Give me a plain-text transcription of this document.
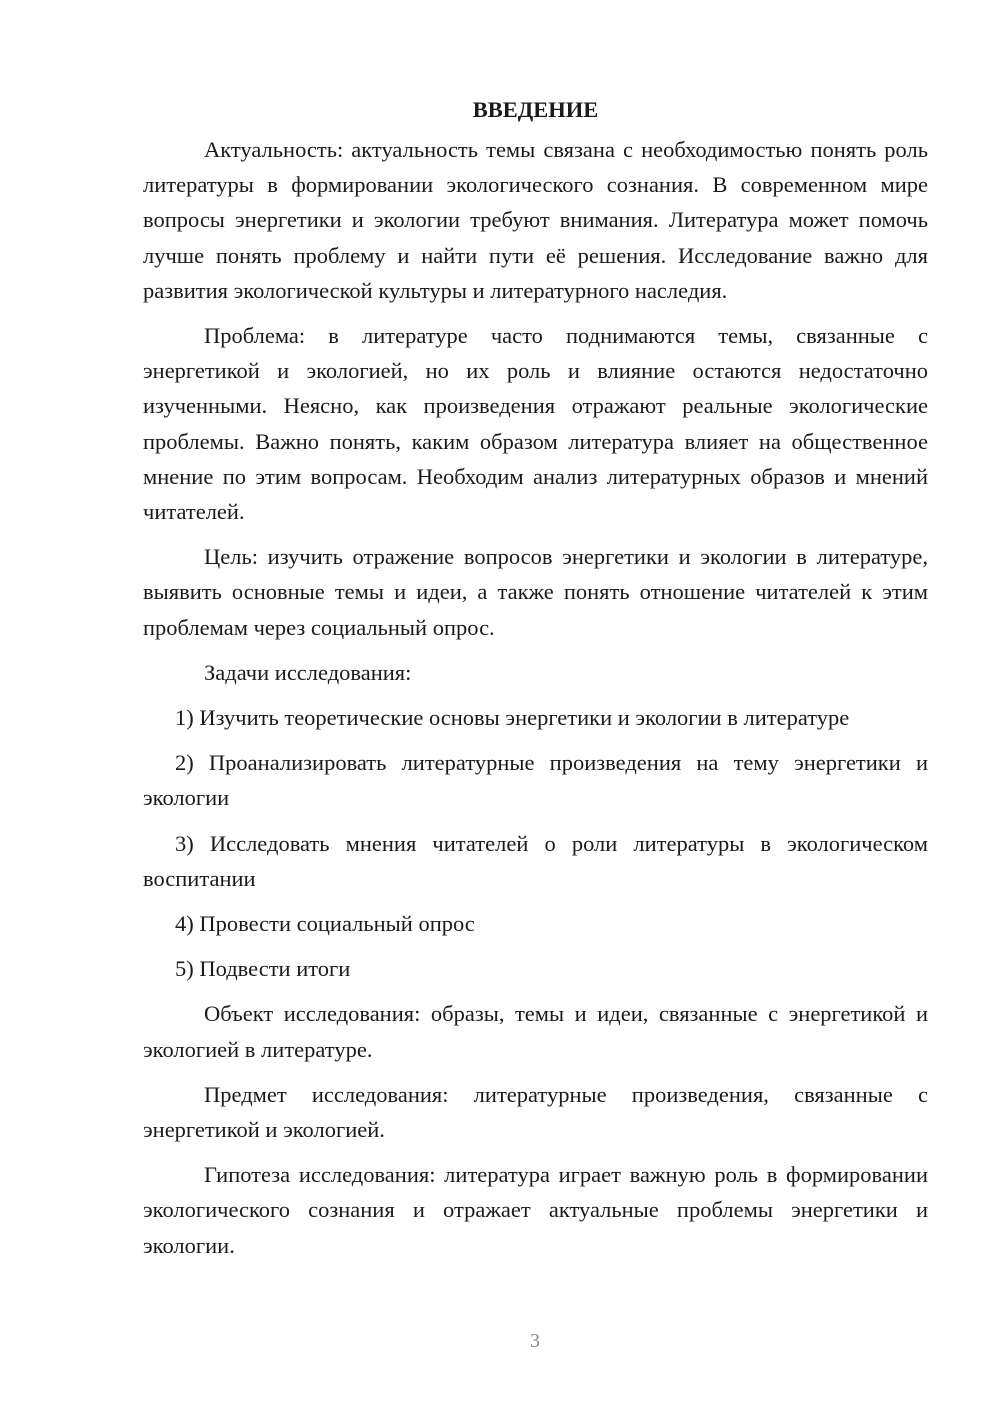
ВВЕДЕНИЕ

Актуальность: актуальность темы связана с необходимостью понять роль литературы в формировании экологического сознания. В современном мире вопросы энергетики и экологии требуют внимания. Литература может помочь лучше понять проблему и найти пути её решения. Исследование важно для развития экологической культуры и литературного наследия.

Проблема: в литературе часто поднимаются темы, связанные с энергетикой и экологией, но их роль и влияние остаются недостаточно изученными. Неясно, как произведения отражают реальные экологические проблемы. Важно понять, каким образом литература влияет на общественное мнение по этим вопросам. Необходим анализ литературных образов и мнений читателей.

Цель: изучить отражение вопросов энергетики и экологии в литературе, выявить основные темы и идеи, а также понять отношение читателей к этим проблемам через социальный опрос.

Задачи исследования:

1) Изучить теоретические основы энергетики и экологии в литературе

2) Проанализировать литературные произведения на тему энергетики и экологии

3) Исследовать мнения читателей о роли литературы в экологическом воспитании

4) Провести социальный опрос

5) Подвести итоги

Объект исследования: образы, темы и идеи, связанные с энергетикой и экологией в литературе.

Предмет исследования: литературные произведения, связанные с энергетикой и экологией.

Гипотеза исследования: литература играет важную роль в формировании экологического сознания и отражает актуальные проблемы энергетики и экологии.

3
